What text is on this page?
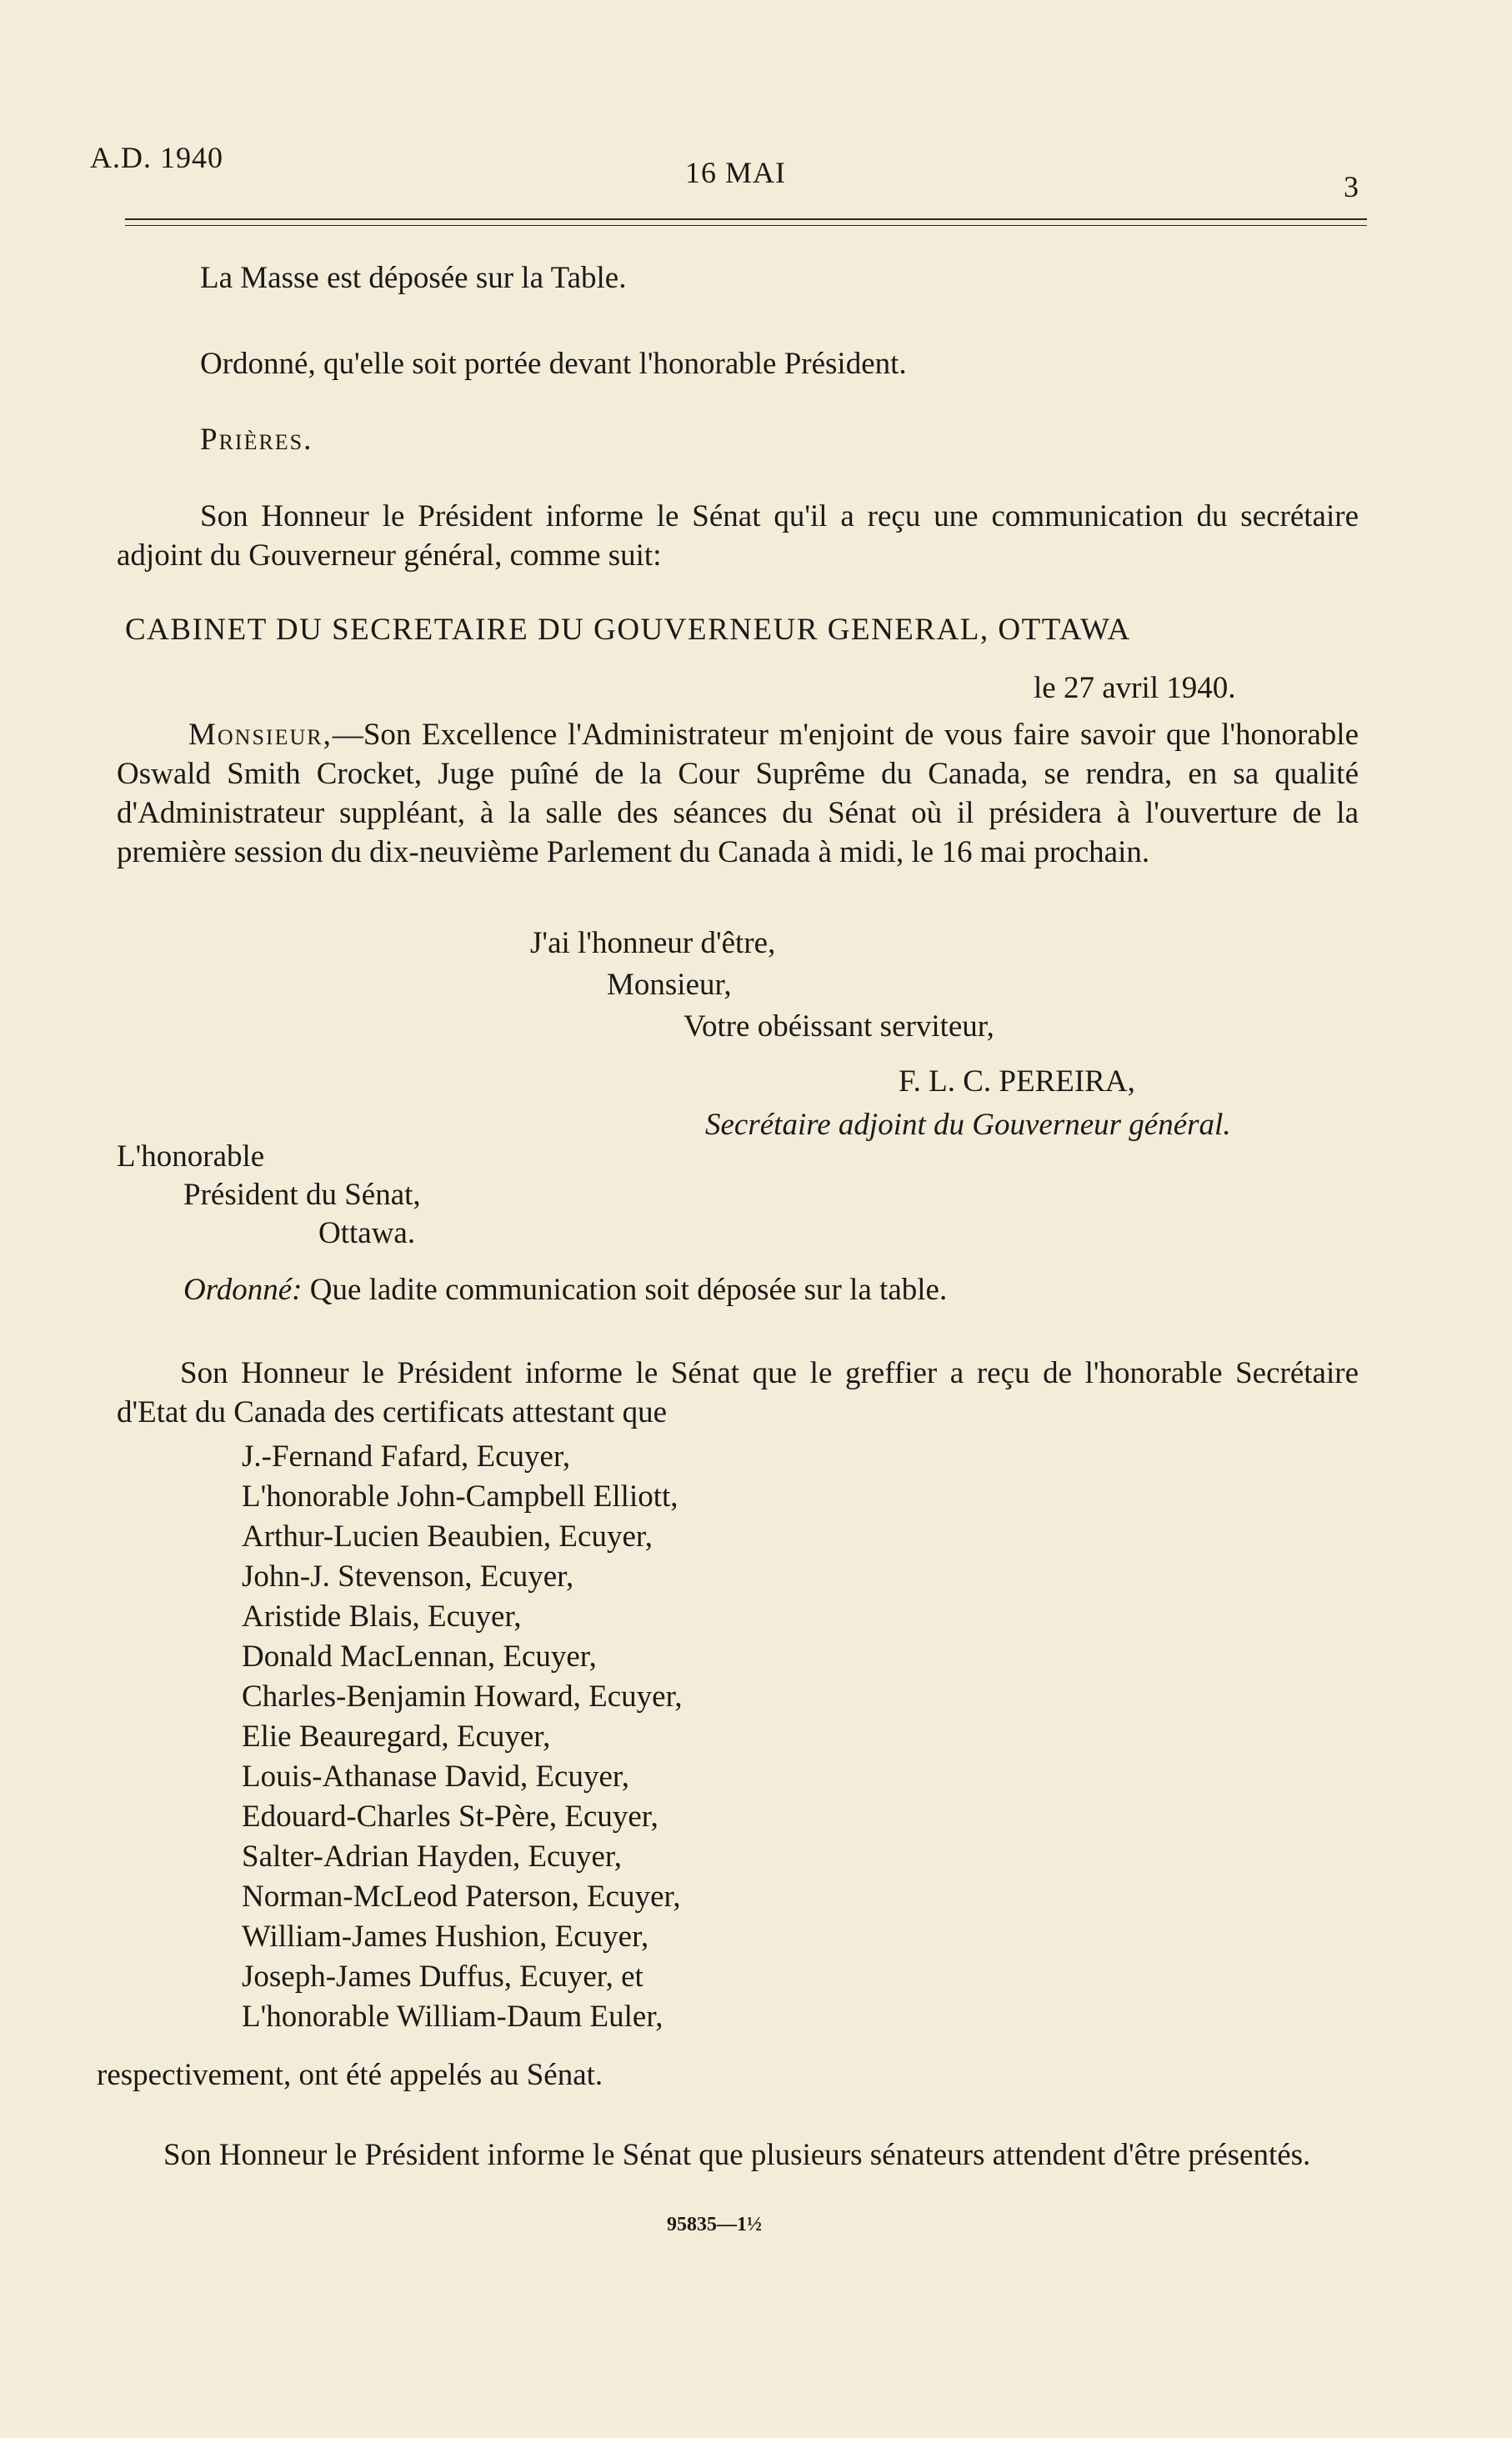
A.D. 1940	16 MAI	3
La Masse est déposée sur la Table.
Ordonné, qu'elle soit portée devant l'honorable Président.
Prières.
Son Honneur le Président informe le Sénat qu'il a reçu une communication du secrétaire adjoint du Gouverneur général, comme suit:
CABINET DU SECRETAIRE DU GOUVERNEUR GENERAL, OTTAWA
le 27 avril 1940.
Monsieur,—Son Excellence l'Administrateur m'enjoint de vous faire savoir que l'honorable Oswald Smith Crocket, Juge puîné de la Cour Suprême du Canada, se rendra, en sa qualité d'Administrateur suppléant, à la salle des séances du Sénat où il présidera à l'ouverture de la première session du dix-neuvième Parlement du Canada à midi, le 16 mai prochain.
J'ai l'honneur d'être,
Monsieur,
Votre obéissant serviteur,
F. L. C. PEREIRA,
Secrétaire adjoint du Gouverneur général.
L'honorable
Président du Sénat,
Ottawa.
Ordonné: Que ladite communication soit déposée sur la table.
Son Honneur le Président informe le Sénat que le greffier a reçu de l'honorable Secrétaire d'Etat du Canada des certificats attestant que
J.-Fernand Fafard, Ecuyer,
L'honorable John-Campbell Elliott,
Arthur-Lucien Beaubien, Ecuyer,
John-J. Stevenson, Ecuyer,
Aristide Blais, Ecuyer,
Donald MacLennan, Ecuyer,
Charles-Benjamin Howard, Ecuyer,
Elie Beauregard, Ecuyer,
Louis-Athanase David, Ecuyer,
Edouard-Charles St-Père, Ecuyer,
Salter-Adrian Hayden, Ecuyer,
Norman-McLeod Paterson, Ecuyer,
William-James Hushion, Ecuyer,
Joseph-James Duffus, Ecuyer, et
L'honorable William-Daum Euler,
respectivement, ont été appelés au Sénat.
Son Honneur le Président informe le Sénat que plusieurs sénateurs attendent d'être présentés.
95835—1½
